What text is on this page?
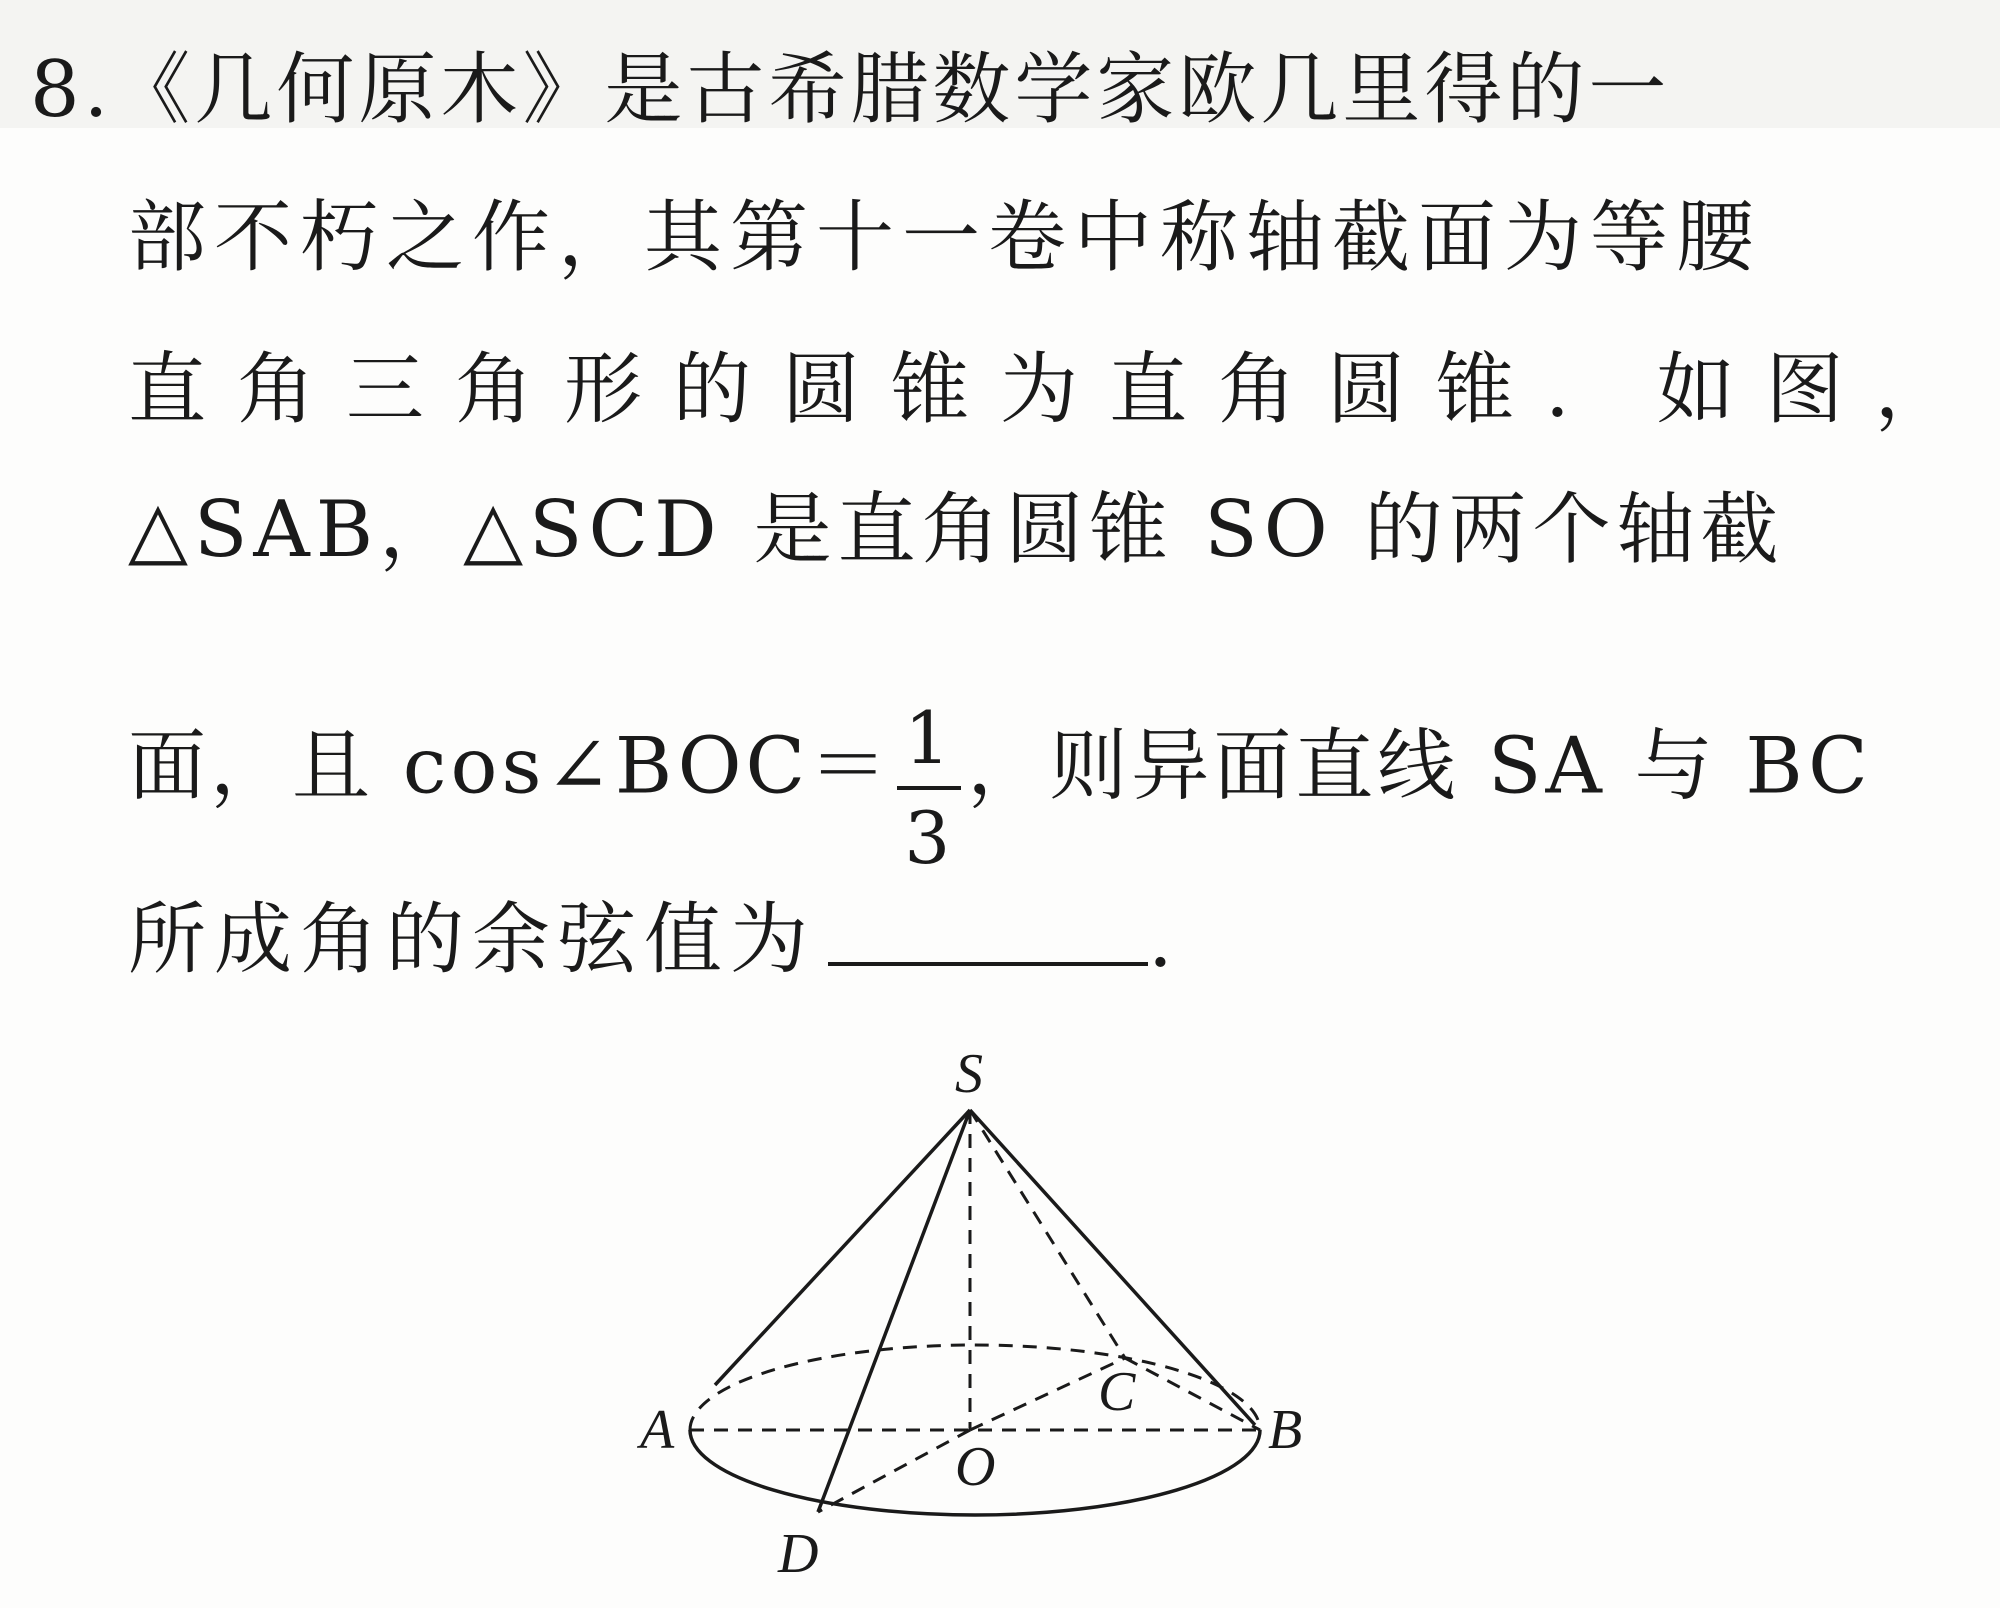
8.《几何原木》是古希腊数学家欧几里得的一
部不朽之作，其第十一卷中称轴截面为等腰
直角三角形的圆锥为直角圆锥. 如图，
△SAB，△SCD 是直角圆锥 SO 的两个轴截
面，且 cos∠BOC＝ $\frac{1}{3}$ ，则异面直线 SA 与 BC
所成角的余弦值为	.
S
A	B
C
O
D
